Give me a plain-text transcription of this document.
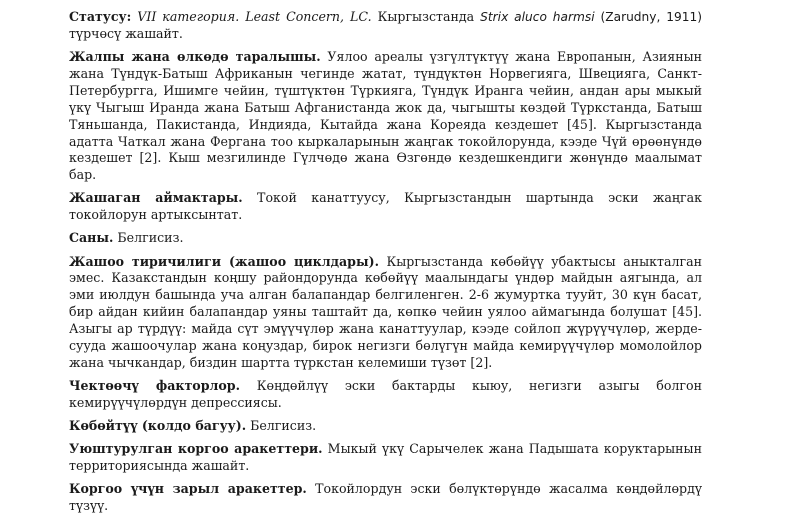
Статусу: VII категория. Least Concern, LC. Кыргызстанда Strix aluco harmsi (Zarudny, 1911) түрчөсү жашайт.

Жалпы жана өлкөдө таралышы. Уялоо ареалы үзгүлтүктүү жана Европанын, Азиянын жана Түндүк-Батыш Африканын чегинде жатат, түндүктөн Норвегияга, Швецияга, Санкт-Петербургга, Ишимге чейин, түштүктөн Түркияга, Түндүк Иранга чейин, андан ары мыкый үкү Чыгыш Иранда жана Батыш Афганистанда жок да, чыгышты көздөй Түркстанда, Батыш Тяньшанда, Пакистанда, Индияда, Кытайда жана Кореяда кездешет [45]. Кыргызстанда адатта Чаткал жана Фергана тоо кыркаларынын жаңгак токойлорунда, кээде Чүй өрөөнүндө кездешет [2]. Кыш мезгилинде Гүлчөдө жана Өзгөндө кездешкендиги жөнүндө маалымат бар.

Жашаган аймактары. Токой канаттуусу, Кыргызстандын шартында эски жаңгак токойлорун артыксынтат.

Саны. Белгисиз.

Жашоо тиричилиги (жашоо циклдары). Кыргызстанда көбөйүү убактысы аныкталган эмес. Казакстандын коңшу райондорунда көбөйүү маалындагы үндөр майдын аягында, ал эми июлдун башында уча алган балапандар белгиленген. 2-6 жумуртка тууйт, 30 күн басат, бир айдан кийин балапандар уяны таштайт да, көпкө чейин уялоо аймагында болушат [45]. Азыгы ар түрдүү: майда сүт эмүүчүлөр жана канаттуулар, кээде сойлоп жүрүүчүлөр, жерде-сууда жашоочулар жана коңуздар, бирок негизги бөлүгүн майда кемирүүчүлөр момолойлор жана чычкандар, биздин шартта түркстан келемиши түзөт [2].

Чектөөчү факторлор. Көңдөйлүү эски бактарды кыюу, негизги азыгы болгон кемирүүчүлөрдүн депрессиясы.

Көбөйтүү (колдо багуу). Белгисиз.

Уюштурулган коргоо аракеттери. Мыкый үкү Сарычелек жана Падышата коруктарынын территориясында жашайт.

Коргоо үчүн зарыл аракеттер. Токойлордун эски бөлүктөрүндө жасалма көңдөйлөрдү түзүү.
